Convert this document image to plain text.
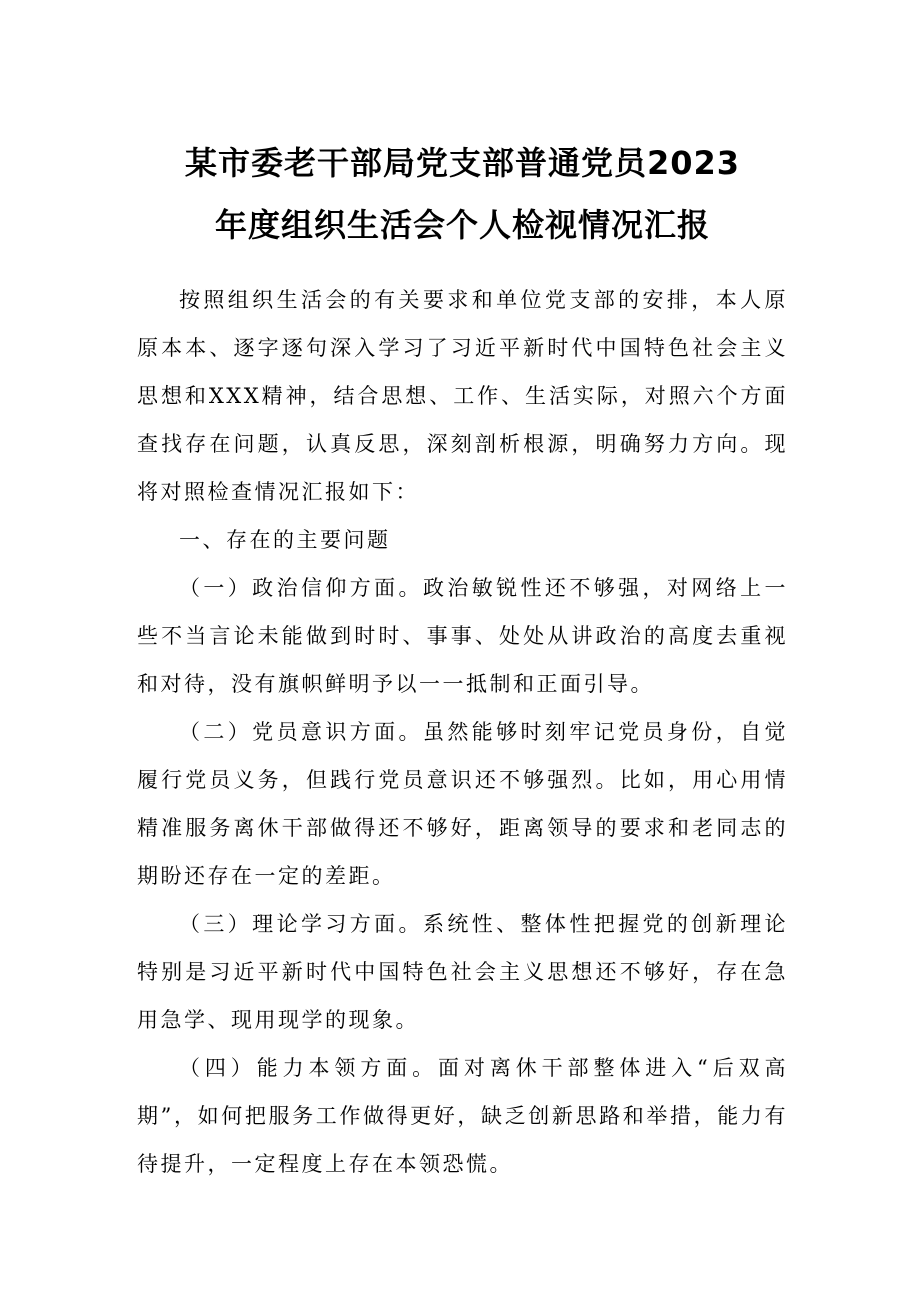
某市委老干部局党支部普通党员2023
年度组织生活会个人检视情况汇报

按照组织生活会的有关要求和单位党支部的安排，本人原原本本、逐字逐句深入学习了习近平新时代中国特色社会主义思想和XXX精神，结合思想、工作、生活实际，对照六个方面查找存在问题，认真反思，深刻剖析根源，明确努力方向。现将对照检查情况汇报如下：

一、存在的主要问题

（一）政治信仰方面。政治敏锐性还不够强，对网络上一些不当言论未能做到时时、事事、处处从讲政治的高度去重视和对待，没有旗帜鲜明予以一一抵制和正面引导。

（二）党员意识方面。虽然能够时刻牢记党员身份，自觉履行党员义务，但践行党员意识还不够强烈。比如，用心用情精准服务离休干部做得还不够好，距离领导的要求和老同志的期盼还存在一定的差距。

（三）理论学习方面。系统性、整体性把握党的创新理论特别是习近平新时代中国特色社会主义思想还不够好，存在急用急学、现用现学的现象。

（四）能力本领方面。面对离休干部整体进入“后双高期”，如何把服务工作做得更好，缺乏创新思路和举措，能力有待提升，一定程度上存在本领恐慌。
